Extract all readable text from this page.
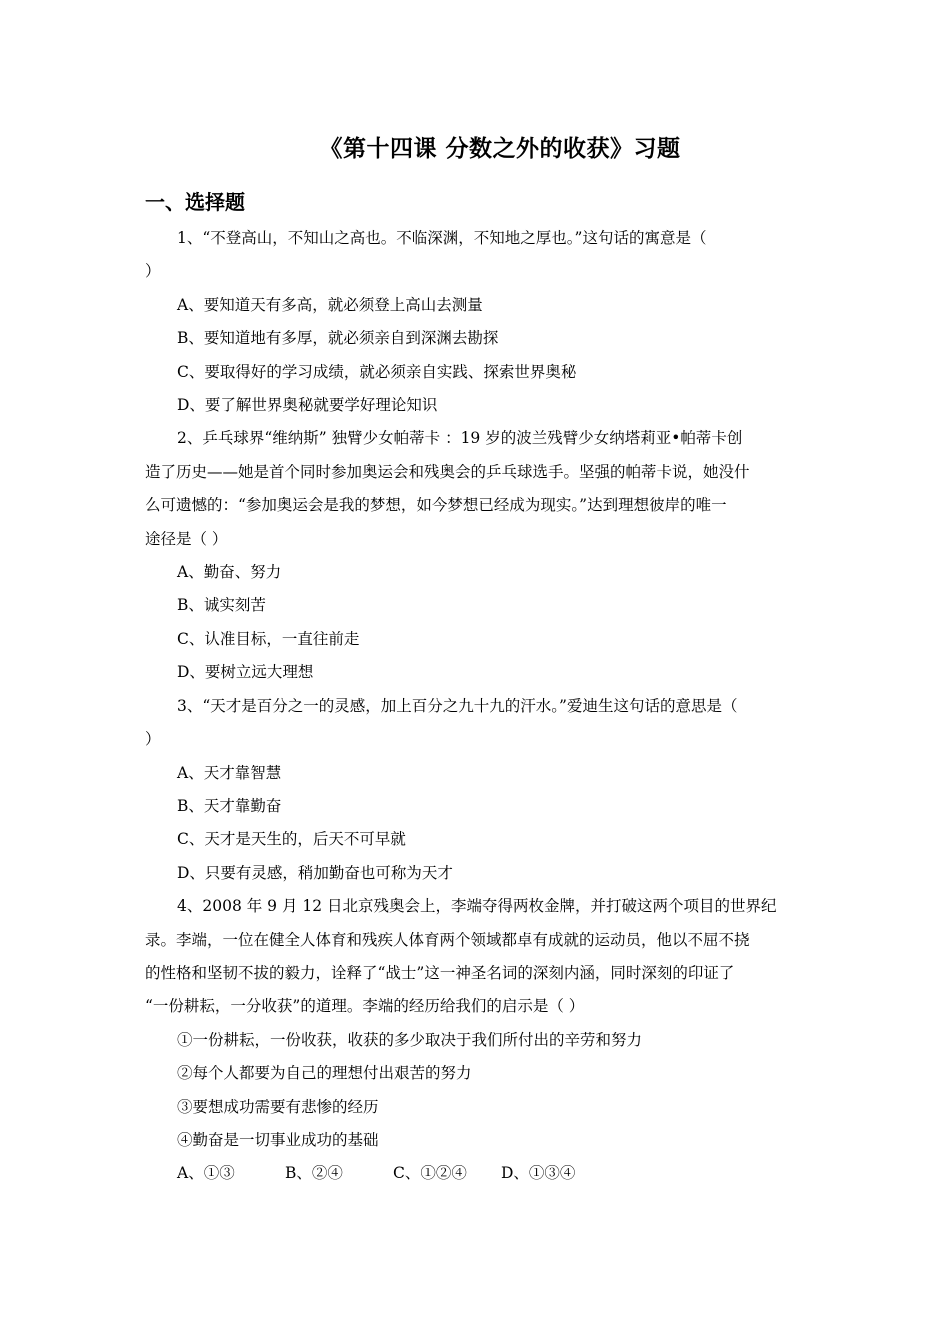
《第十四课 分数之外的收获》习题
一、选择题

1、“不登高山，不知山之高也。不临深渊，不知地之厚也。”这句话的寓意是（

）

A、要知道天有多高，就必须登上高山去测量

B、要知道地有多厚，就必须亲自到深渊去勘探

C、要取得好的学习成绩，就必须亲自实践、探索世界奥秘

D、要了解世界奥秘就要学好理论知识

2、乒乓球界“维纳斯” 独臂少女帕蒂卡 ：19 岁的波兰残臂少女纳塔莉亚•帕蒂卡创

造了历史——她是首个同时参加奥运会和残奥会的乒乓球选手。坚强的帕蒂卡说，她没什

么可遗憾的：“参加奥运会是我的梦想，如今梦想已经成为现实。”达到理想彼岸的唯一

途径是（ ）

A、勤奋、努力

B、诚实刻苦

C、认准目标，一直往前走

D、要树立远大理想

3、“天才是百分之一的灵感，加上百分之九十九的汗水。”爱迪生这句话的意思是（

）

A、天才靠智慧

B、天才靠勤奋

C、天才是天生的，后天不可早就

D、只要有灵感，稍加勤奋也可称为天才

4、2008 年 9 月 12 日北京残奥会上，李端夺得两枚金牌，并打破这两个项目的世界纪

录。李端，一位在健全人体育和残疾人体育两个领域都卓有成就的运动员，他以不屈不挠

的性格和坚韧不拔的毅力，诠释了“战士”这一神圣名词的深刻内涵，同时深刻的印证了

“一份耕耘，一分收获”的道理。李端的经历给我们的启示是（ ）

①一份耕耘，一份收获，收获的多少取决于我们所付出的辛劳和努力

②每个人都要为自己的理想付出艰苦的努力

③要想成功需要有悲惨的经历

④勤奋是一切事业成功的基础

A、①③	B、②④	C、①②④ D、①③④
